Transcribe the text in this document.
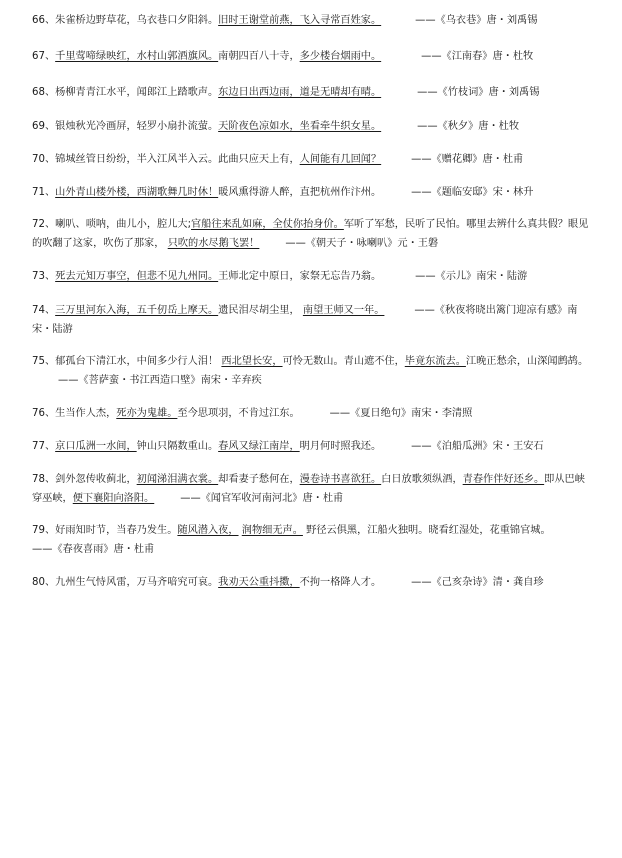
66、朱雀桥边野草花，乌衣巷口夕阳斜。旧时王谢堂前燕，飞入寻常百姓家。	——《乌衣巷》唐・刘禹锡
67、千里莺啼绿映红，水村山郭酒旗风。南朝四百八十寺，多少楼台烟雨中。	——《江南春》唐・杜牧
68、杨柳青青江水平，闻郎江上踏歌声。东边日出西边雨，道是无晴却有晴。	——《竹枝词》唐・刘禹锡
69、银烛秋光冷画屏，轻罗小扇扑流萤。天阶夜色凉如水，坐看牵牛织女星。	——《秋夕》唐・杜牧
70、锦城丝管日纷纷，半入江风半入云。此曲只应天上有，人间能有几回闻？	——《赠花卿》唐・杜甫
71、山外青山楼外楼，西湖歌舞几时休！暖风熏得游人醉，直把杭州作汴州。	——《题临安邸》宋・林升
72、喇叭、唢呐，曲儿小，腔儿大;官船往来乱如麻，全仗你抬身价。军听了军愁，民听了民怕。哪里去辨什么真共假？眼见的吹翻了这家，吹伤了那家， 只吹的水尽鹅飞罢！	——《朝天子・咏喇叭》元・王磐
73、死去元知万事空，但悲不见九州同。王师北定中原日，家祭无忘告乃翁。	——《示儿》南宋・陆游
74、三万里河东入海，五千仞岳上摩天。遗民泪尽胡尘里， 南望王师又一年。	——《秋夜将晓出篱门迎凉有感》南宋・陆游
75、郁孤台下清江水，中间多少行人泪！ 西北望长安，可怜无数山。青山遮不住，毕竟东流去。江晚正愁余，山深闻鹧鸪。——《菩萨蛮・书江西造口壁》南宋・辛弃疾
76、生当作人杰，死亦为鬼雄。至今思项羽，不肯过江东。	——《夏日绝句》南宋・李清照
77、京口瓜洲一水间，钟山只隔数重山。春风又绿江南岸，明月何时照我还。	——《泊船瓜洲》宋・王安石
78、剑外忽传收蓟北，初闻涕泪满衣裳。却看妻子愁何在，漫卷诗书喜欲狂。白日放歌须纵酒，青春作伴好还乡。即从巴峡穿巫峡，便下襄阳向洛阳。	——《闻官军收河南河北》唐・杜甫
79、好雨知时节，当春乃发生。随风潜入夜， 润物细无声。 野径云俱黑，江船火独明。晓看红湿处，花重锦官城。——《春夜喜雨》唐・杜甫
80、九州生气恃风雷，万马齐喑究可哀。我劝天公重抖擞，不拘一格降人才。	——《己亥杂诗》清・龚自珍
